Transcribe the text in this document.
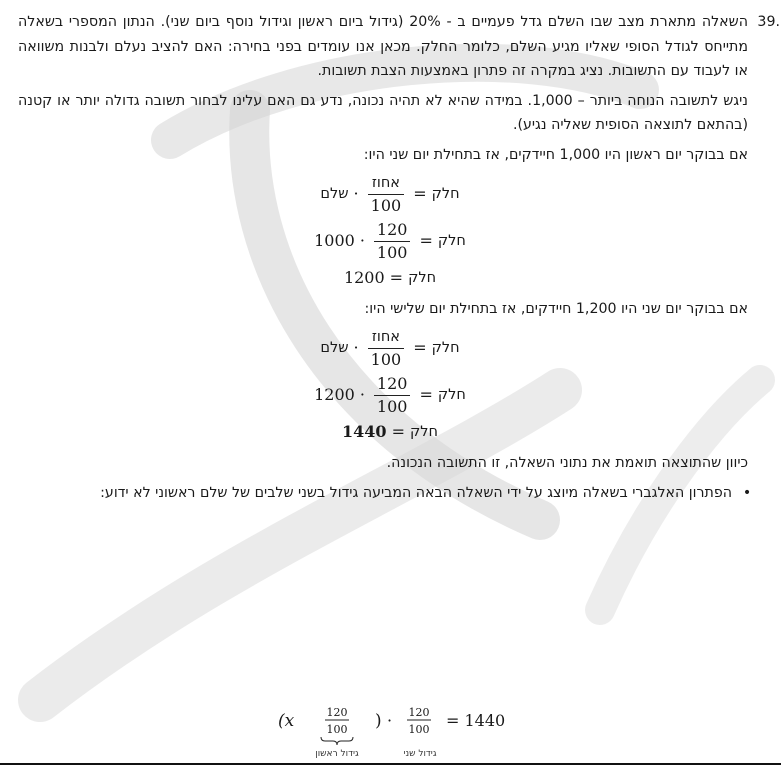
39.

השאלה מתארת מצב שבו השלם גדל פעמיים ב - 20% (גידול ביום ראשון וגידול נוסף ביום שני). הנתון המספרי בשאלה מתייחס לגודל הסופי שאליו מגיע השלם, כלומר החלק. מכאן אנו עומדים בפני בחירה: האם להציב נעלם ולבנות משוואה או לעבוד עם התשובות. נציג במקרה זה פתרון באמצעות הצבת תשובות.

ניגש לתשובה הנוחה ביותר – 1,000. במידה שהיא לא תהיה נכונה, נדע גם האם עלינו לבחור תשובה גדולה יותר או קטנה (בהתאם לתוצאה הסופית שאליה נגיע).

אם בבוקר יום ראשון היו 1,000 חיידקים, אז בתחילת יום שני היו:

חלק
=
$\frac{\text{אחוז}}{100}$
·
שלם
חלק
=
$\frac{120}{100}$
·
1000
חלק
=
1200

אם בבוקר יום שני היו 1,200 חיידקים, אז בתחילת יום שלישי היו:

חלק
=
$\frac{\text{אחוז}}{100}$
·
שלם
חלק
=
$\frac{120}{100}$
·
1200
חלק
=
1440

כיוון שהתוצאה תואמת את נתוני השאלה, זו התשובה הנכונה.

•
הפתרון האלגברי בשאלה מיוצג על ידי השאלה הבאה המביעה גידול בשני שלבים של שלם ראשוני לא ידוע:
(x	120
100 ) · 120
100 = 1440
גידול ראשון	גידול שני
